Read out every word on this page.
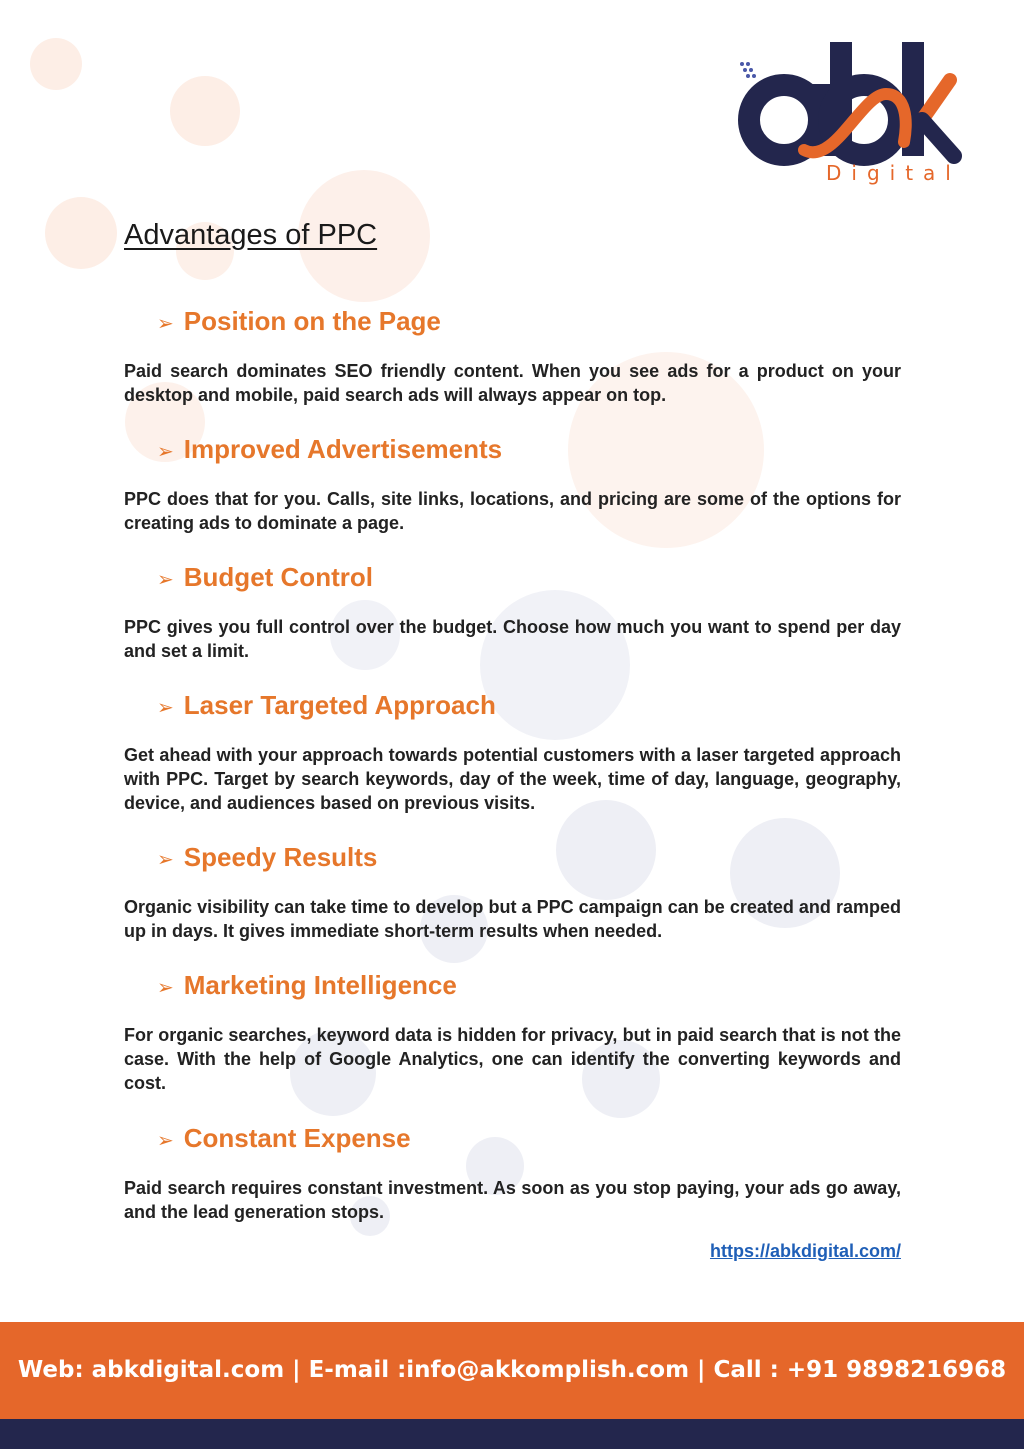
Digital
Advantages of PPC
➢ Position on the Page

Paid search dominates SEO friendly content. When you see ads for a product on your desktop and mobile, paid search ads will always appear on top.

➢ Improved Advertisements

PPC does that for you. Calls, site links, locations, and pricing are some of the options for creating ads to dominate a page.

➢ Budget Control

PPC gives you full control over the budget. Choose how much you want to spend per day and set a limit.

➢ Laser Targeted Approach

Get ahead with your approach towards potential customers with a laser targeted approach with PPC. Target by search keywords, day of the week, time of day, language, geography, device, and audiences based on previous visits.

➢ Speedy Results

Organic visibility can take time to develop but a PPC campaign can be created and ramped up in days. It gives immediate short-term results when needed.

➢ Marketing Intelligence

For organic searches, keyword data is hidden for privacy, but in paid search that is not the case. With the help of Google Analytics, one can identify the converting keywords and cost.

➢ Constant Expense

Paid search requires constant investment. As soon as you stop paying, your ads go away, and the lead generation stops.

https://abkdigital.com/
Web: abkdigital.com | E-mail :info@akkomplish.com | Call : +91 9898216968
